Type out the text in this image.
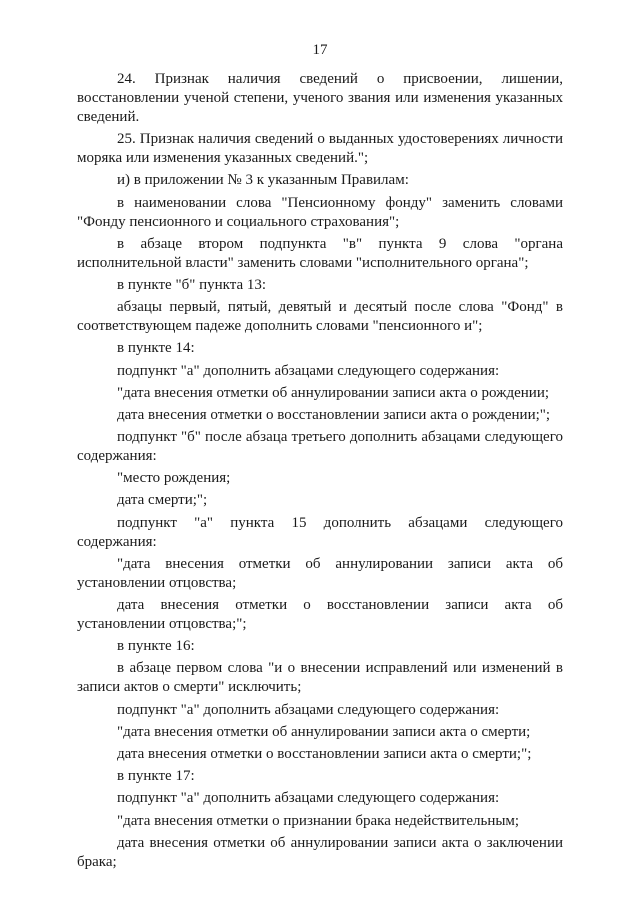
17

24. Признак наличия сведений о присвоении, лишении, восстановлении ученой степени, ученого звания или изменения указанных сведений.

25. Признак наличия сведений о выданных удостоверениях личности моряка или изменения указанных сведений.";

и) в приложении № 3 к указанным Правилам:

в наименовании слова "Пенсионному фонду" заменить словами "Фонду пенсионного и социального страхования";

в абзаце втором подпункта "в" пункта 9 слова "органа исполнительной власти" заменить словами "исполнительного органа";

в пункте "б" пункта 13:

абзацы первый, пятый, девятый и десятый после слова "Фонд" в соответствующем падеже дополнить словами "пенсионного и";

в пункте 14:

подпункт "а" дополнить абзацами следующего содержания:

"дата внесения отметки об аннулировании записи акта о рождении;

дата внесения отметки о восстановлении записи акта о рождении;";

подпункт "б" после абзаца третьего дополнить абзацами следующего содержания:

"место рождения;

дата смерти;";

подпункт "а" пункта 15 дополнить абзацами следующего содержания:

"дата внесения отметки об аннулировании записи акта об установлении отцовства;

дата внесения отметки о восстановлении записи акта об установлении отцовства;";

в пункте 16:

в абзаце первом слова "и о внесении исправлений или изменений в записи актов о смерти" исключить;

подпункт "а" дополнить абзацами следующего содержания:

"дата внесения отметки об аннулировании записи акта о смерти;

дата внесения отметки о восстановлении записи акта о смерти;";

в пункте 17:

подпункт "а" дополнить абзацами следующего содержания:

"дата внесения отметки о признании брака недействительным;

дата внесения отметки об аннулировании записи акта о заключении брака;
